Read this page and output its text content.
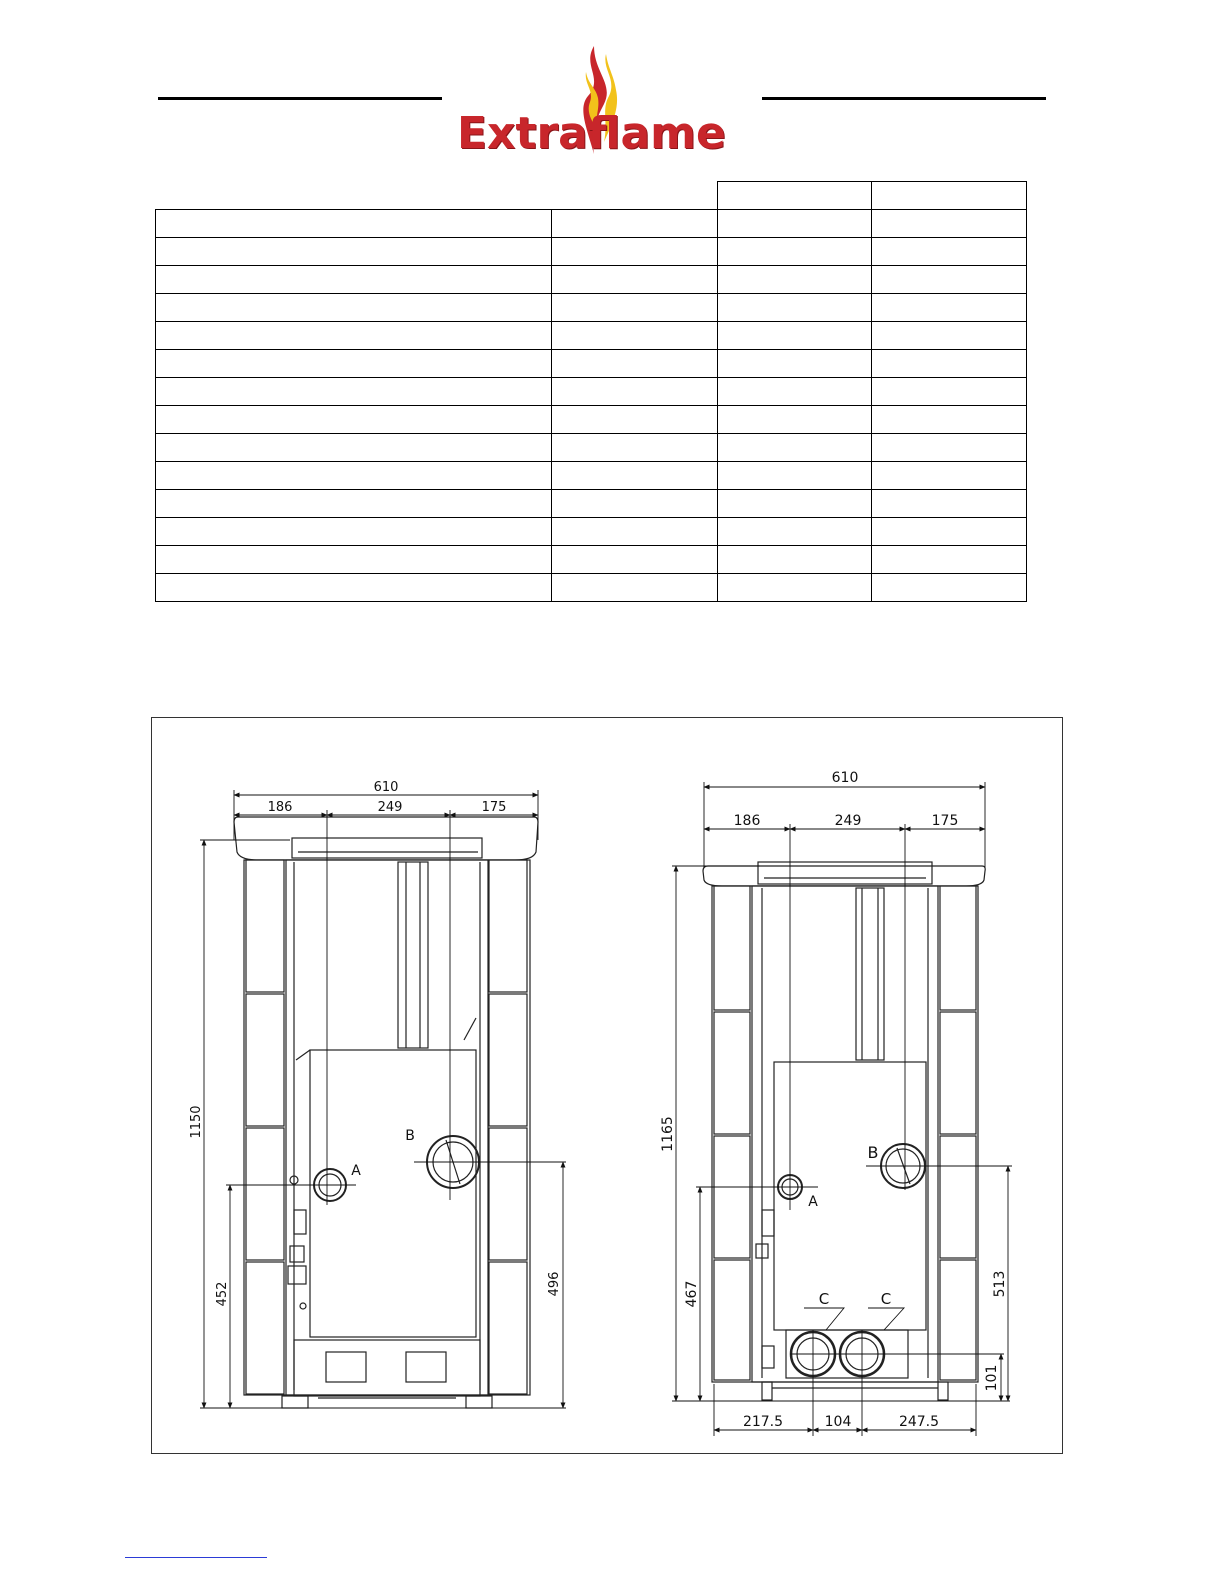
Extraflame

610
186	249	175
1150
452	496
A
B
610
186	249	175
1165
467	513
101
217.5	104	247.5
A
B
C	C
